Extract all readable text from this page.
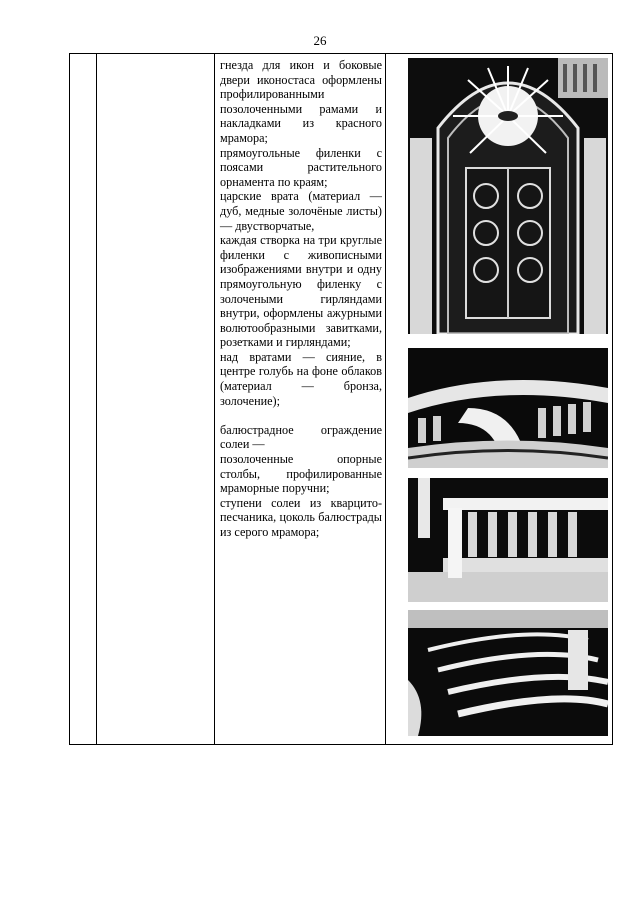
26

гнезда для икон и боковые двери иконостаса оформлены профилированными

позолоченными рамами и накладками из красного мрамора;

прямоугольные филенки с поясами растительного орнамента по краям;

царские врата (материал — дуб, медные золочёные листы) — двустворчатые,

каждая створка на три круглые филенки с живописными изображениями внутри и одну прямоугольную филенку с золочеными гирляндами внутри, оформлены ажурными волютообразными завитками, розетками и гирляндами;

над вратами — сияние, в центре голубь на фоне облаков (материал — бронза, золочение);

балюстрадное ограждение солеи —

позолоченные опорные столбы, профилированные мраморные поручни;

ступени солеи из кварцито-песчаника, цоколь балюстрады из серого мрамора;
